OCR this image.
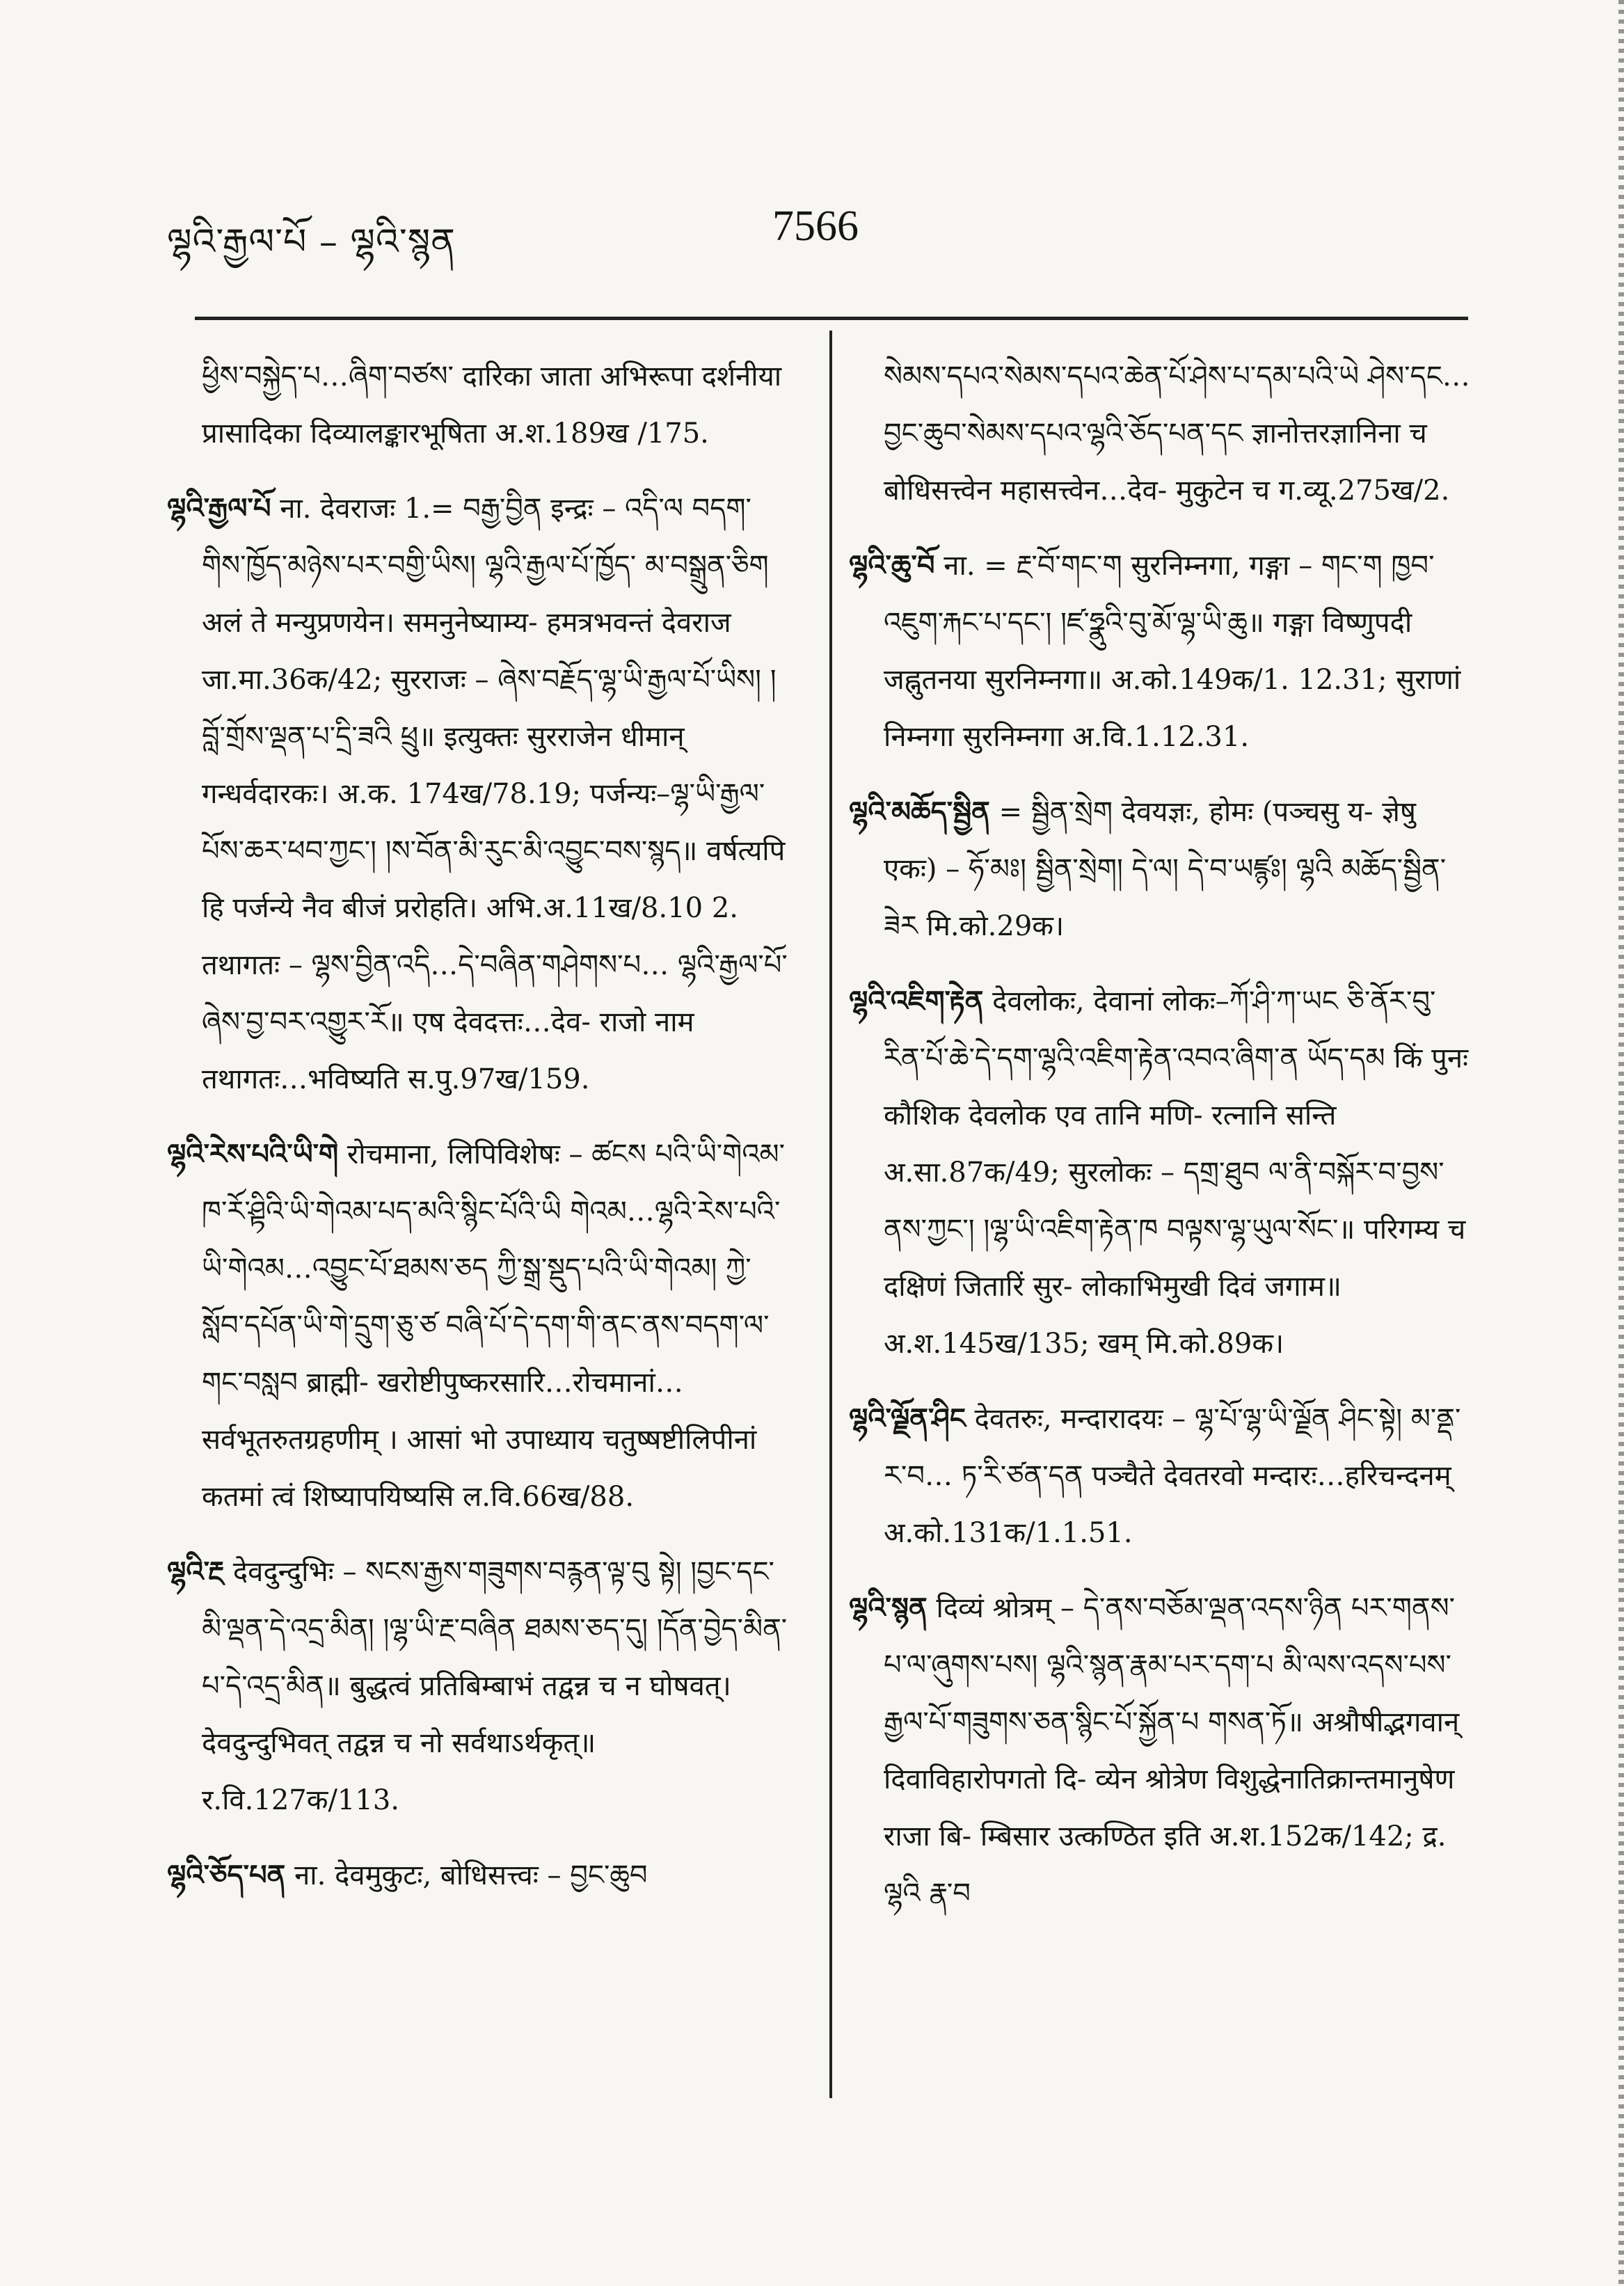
ལྷའི་རྒྱལ་པོ – ལྷའི་སྙན	7566

ཕྱིས་བསྐྱེད་པ…ཞིག་བཙས་ दारिका जाता अभिरूपा दर्शनीया प्रासादिका दिव्यालङ्कारभूषिता अ.श.189ख /175.

ལྷའི་རྒྱལ་པོ ना. देवराजः 1.= བརྒྱ་བྱིན इन्द्रः – འདི་ལ བདག་གིས་ཁྱོད་མཉེས་པར་བགྱི་ཡིས། ལྷའི་རྒྱལ་པོ་ཁྱོད་ མ་བསྒྲུན་ཅིག अलं ते मन्युप्रणयेन। समनुनेष्याम्य- हमत्रभवन्तं देवराज जा.मा.36क/42; सुरराजः – ཞེས་བརྗོད་ལྷ་ཡི་རྒྱལ་པོ་ཡིས། །བློ་གྲོས་ལྡན་པ་དྲི་ཟའི ཕྲུ॥ इत्युक्तः सुरराजेन धीमान् गन्धर्वदारकः। अ.क. 174ख/78.19; पर्जन्यः–ལྷ་ཡི་རྒྱལ་པོས་ཆར་ཕབ་ཀྱང་། །ས་བོན་མི་རུང་མི་འབྱུང་བས་སྙད॥ वर्षत्यपि हि पर्जन्ये नैव बीजं प्ररोहति। अभि.अ.11ख/8.10 2. तथागतः – ལྷས་བྱིན་འདི…དེ་བཞིན་གཤེགས་པ… ལྷའི་རྒྱལ་པོ་ཞེས་བྱ་བར་འགྱུར་རོ॥ एष देवदत्तः…देव- राजो नाम तथागतः…भविष्यति स.पु.97ख/159.

ལྷའི་རེས་པའི་ཡི་གེ रोचमाना, लिपिविशेषः – ཚངས པའི་ཡི་གེའམ་ཁ་རོ་ཤྟིའི་ཡི་གེའམ་པད་མའི་སྙིང་པོའི་ཡི གེའམ…ལྷའི་རེས་པའི་ཡི་གེའམ…འབྱུང་པོ་ཐམས་ཅད ཀྱི་སྒྲ་སྡུད་པའི་ཡི་གེའམ། ཀྱེ་སློབ་དཔོན་ཡི་གེ་དྲུག་ཅུ་ཙ བཞི་པོ་དེ་དག་གི་ནང་ནས་བདག་ལ་གང་བསླབ ब्राह्मी- खरोष्टीपुष्करसारि…रोचमानां…सर्वभूतरुतग्रहणीम् । आसां भो उपाध्याय चतुष्षष्टीलिपीनां कतमां त्वं शिष्यापयिष्यसि ल.वि.66ख/88.

ལྷའི་རྔ देवदुन्दुभिः – སངས་རྒྱས་གཟུགས་བརྙན་ལྟ་བུ སྟེ། །བྱང་དང་མི་ལྡན་དེ་འདྲ་མིན། །ལྷ་ཡི་རྔ་བཞིན ཐམས་ཅད་དུ། །དོན་བྱེད་མིན་པ་དེ་འདྲ་མིན॥ बुद्धत्वं प्रतिबिम्बाभं तद्वन्न च न घोषवत्। देवदुन्दुभिवत् तद्वन्न च नो सर्वथाऽर्थकृत्॥ र.वि.127क/113.

ལྷའི་ཅོད་པན ना. देवमुकुटः, बोधिसत्त्वः – བྱང་ཆུབ

སེམས་དཔའ་སེམས་དཔའ་ཆེན་པོ་ཤེས་པ་དམ་པའི་ཡེ ཤེས་དང… བྱང་ཆུབ་སེམས་དཔའ་ལྷའི་ཅོད་པན་དང ज्ञानोत्तरज्ञानिना च बोधिसत्त्वेन महासत्त्वेन…देव- मुकुटेन च ग.व्यू.275ख/2.

ལྷའི་ཆུ་བོ ना. = རྔ་བོ་གང་ག सुरनिम्नगा, गङ्गा – གང་ག ཁྱབ་འཇུག་རྐང་པ་དང་། །ཛ་ཧྣུའི་བུ་མོ་ལྷ་ཡི་ཆུ॥ गङ्गा विष्णुपदी जह्नुतनया सुरनिम्नगा॥ अ.को.149क/1. 12.31; सुराणां निम्नगा सुरनिम्नगा अ.वि.1.12.31.

ལྷའི་མཆོད་སྦྱིན = སྦྱིན་སྲེག देवयज्ञः, होमः (पञ्चसु य- ज्ञेषु एकः) – ཧོ་མཿ། སྦྱིན་སྲེག། དེ་ལ། དེ་བ་ཡཛྙཿ། ལྷའི མཆོད་སྦྱིན་ཟེར मि.को.29क।

ལྷའི་འཇིག་རྟེན देवलोकः, देवानां लोकः–ཀོ་ཤི་ཀ་ཡང ཅི་ནོར་བུ་རིན་པོ་ཆེ་དེ་དག་ལྷའི་འཇིག་རྟེན་འབའ་ཞིག་ན ཡོད་དམ किं पुनः कौशिक देवलोक एव तानि मणि- रत्नानि सन्ति अ.सा.87क/49; सुरलोकः – དགྲ་ཐུབ ལ་ནི་བསྐོར་བ་བྱས་ནས་ཀྱང་། །ལྷ་ཡི་འཇིག་རྟེན་ཁ བལྟས་ལྷ་ཡུལ་སོང་॥ परिगम्य च दक्षिणं जितारिं सुर- लोकाभिमुखी दिवं जगाम॥ अ.श.145ख/135; खम् मि.को.89क।

ལྷའི་ལྗོན་ཤིང देवतरुः, मन्दारादयः – ལྷ་པོ་ལྷ་ཡི་ལྗོན ཤིང་སྟེ། མ་ནྡ་ར་བ… ཏ་རི་ཙན་དན पञ्चैते देवतरवो मन्दारः…हरिचन्दनम् अ.को.131क/1.1.51.

ལྷའི་སྙན दिव्यं श्रोत्रम् – དེ་ནས་བཅོམ་ལྡན་འདས་ཉིན པར་གནས་པ་ལ་ཞུགས་པས། ལྷའི་སྙན་རྣམ་པར་དག་པ མི་ལས་འདས་པས་རྒྱལ་པོ་གཟུགས་ཅན་སྙིང་པོ་སྐྱོན་པ གསན་ཏོ॥ अश्रौषीद्भगवान् दिवाविहारोपगतो दि- व्येन श्रोत्रेण विशुद्धेनातिक्रान्तमानुषेण राजा बि- म्बिसार उत्कण्ठित इति अ.श.152क/142; द्र. ལྷའི རྣ་བ
